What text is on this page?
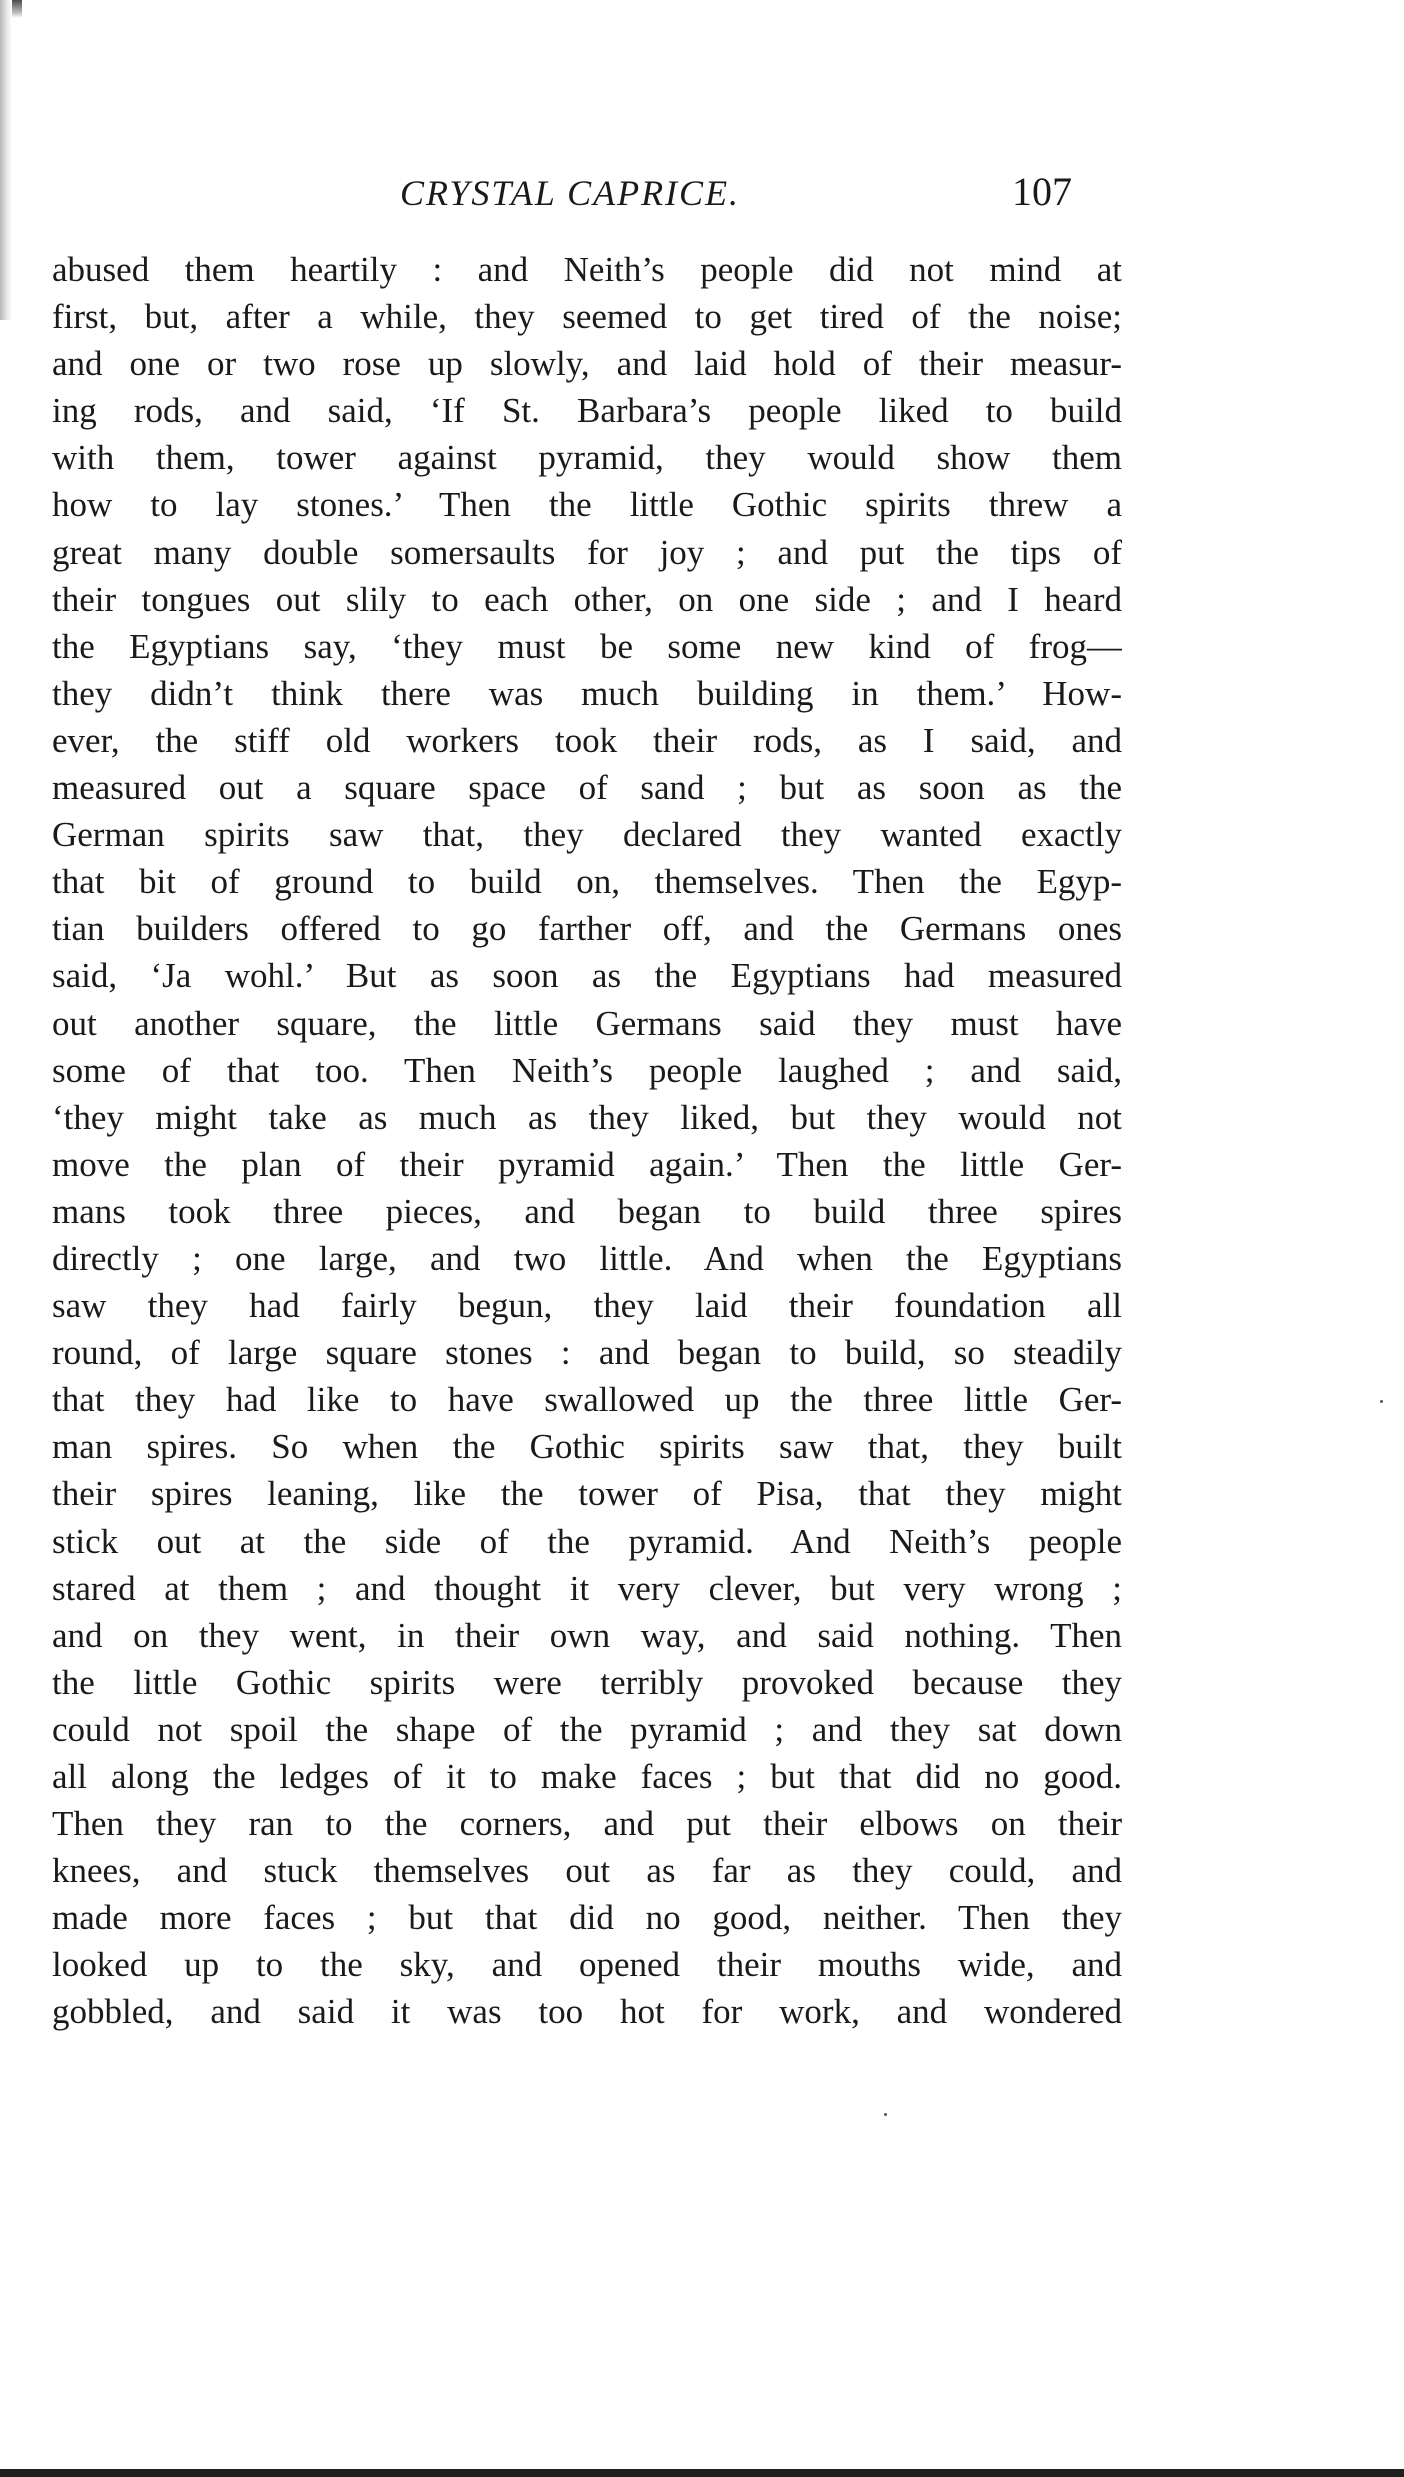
CRYSTAL CAPRICE.	107
abused them heartily : and Neith’s people did not mind at
first, but, after a while, they seemed to get tired of the noise;
and one or two rose up slowly, and laid hold of their measur-
ing rods, and said, ‘If St. Barbara’s people liked to build
with them, tower against pyramid, they would show them
how to lay stones.’ Then the little Gothic spirits threw a
great many double somersaults for joy ; and put the tips of
their tongues out slily to each other, on one side ; and I heard
the Egyptians say, ‘they must be some new kind of frog—
they didn’t think there was much building in them.’ How-
ever, the stiff old workers took their rods, as I said, and
measured out a square space of sand ; but as soon as the
German spirits saw that, they declared they wanted exactly
that bit of ground to build on, themselves. Then the Egyp-
tian builders offered to go farther off, and the Germans ones
said, ‘Ja wohl.’ But as soon as the Egyptians had measured
out another square, the little Germans said they must have
some of that too. Then Neith’s people laughed ; and said,
‘they might take as much as they liked, but they would not
move the plan of their pyramid again.’ Then the little Ger-
mans took three pieces, and began to build three spires
directly ; one large, and two little. And when the Egyptians
saw they had fairly begun, they laid their foundation all
round, of large square stones : and began to build, so steadily
that they had like to have swallowed up the three little Ger-
man spires. So when the Gothic spirits saw that, they built
their spires leaning, like the tower of Pisa, that they might
stick out at the side of the pyramid. And Neith’s people
stared at them ; and thought it very clever, but very wrong ;
and on they went, in their own way, and said nothing. Then
the little Gothic spirits were terribly provoked because they
could not spoil the shape of the pyramid ; and they sat down
all along the ledges of it to make faces ; but that did no good.
Then they ran to the corners, and put their elbows on their
knees, and stuck themselves out as far as they could, and
made more faces ; but that did no good, neither. Then they
looked up to the sky, and opened their mouths wide, and
gobbled, and said it was too hot for work, and wondered
